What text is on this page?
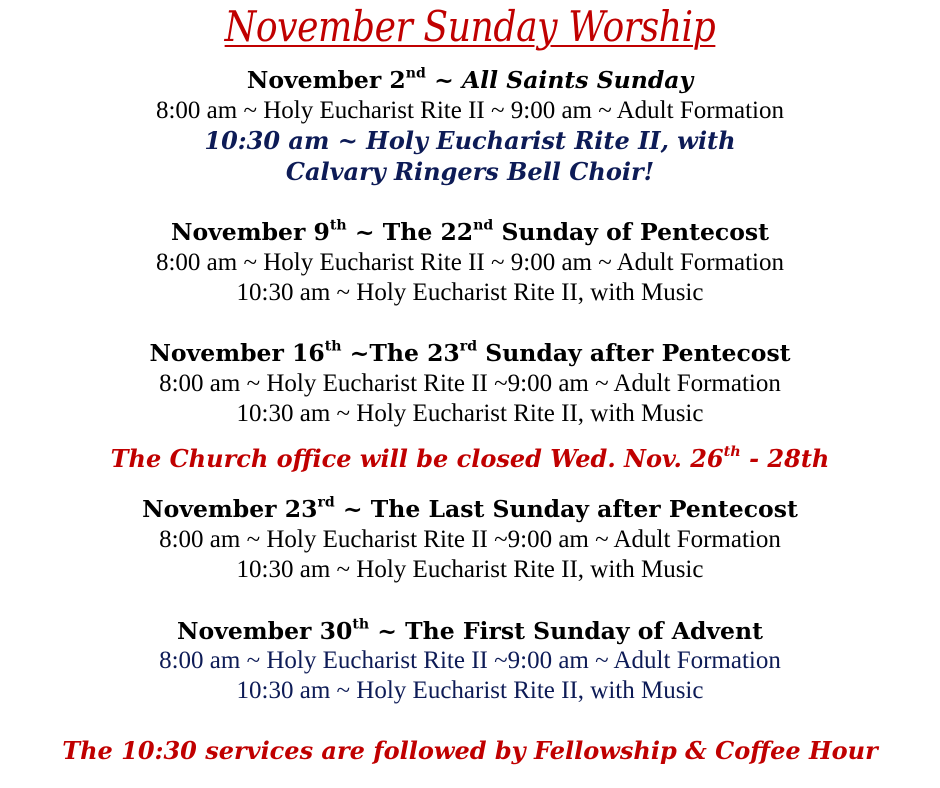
November Sunday Worship
November 2nd ~ All Saints Sunday
8:00 am ~ Holy Eucharist Rite II ~ 9:00 am ~ Adult Formation
10:30 am ~ Holy Eucharist Rite II, with
Calvary Ringers Bell Choir!
November 9th ~ The 22nd Sunday of Pentecost
8:00 am ~ Holy Eucharist Rite II ~ 9:00 am ~ Adult Formation
10:30 am ~ Holy Eucharist Rite II, with Music
November 16th ~The 23rd Sunday after Pentecost
8:00 am ~ Holy Eucharist Rite II ~9:00 am ~ Adult Formation
10:30 am ~ Holy Eucharist Rite II, with Music
The Church office will be closed Wed. Nov. 26th - 28th
November 23rd ~ The Last Sunday after Pentecost
8:00 am ~ Holy Eucharist Rite II ~9:00 am ~ Adult Formation
10:30 am ~ Holy Eucharist Rite II, with Music
November 30th ~ The First Sunday of Advent
8:00 am ~ Holy Eucharist Rite II ~9:00 am ~ Adult Formation
10:30 am ~ Holy Eucharist Rite II, with Music
The 10:30 services are followed by Fellowship & Coffee Hour
